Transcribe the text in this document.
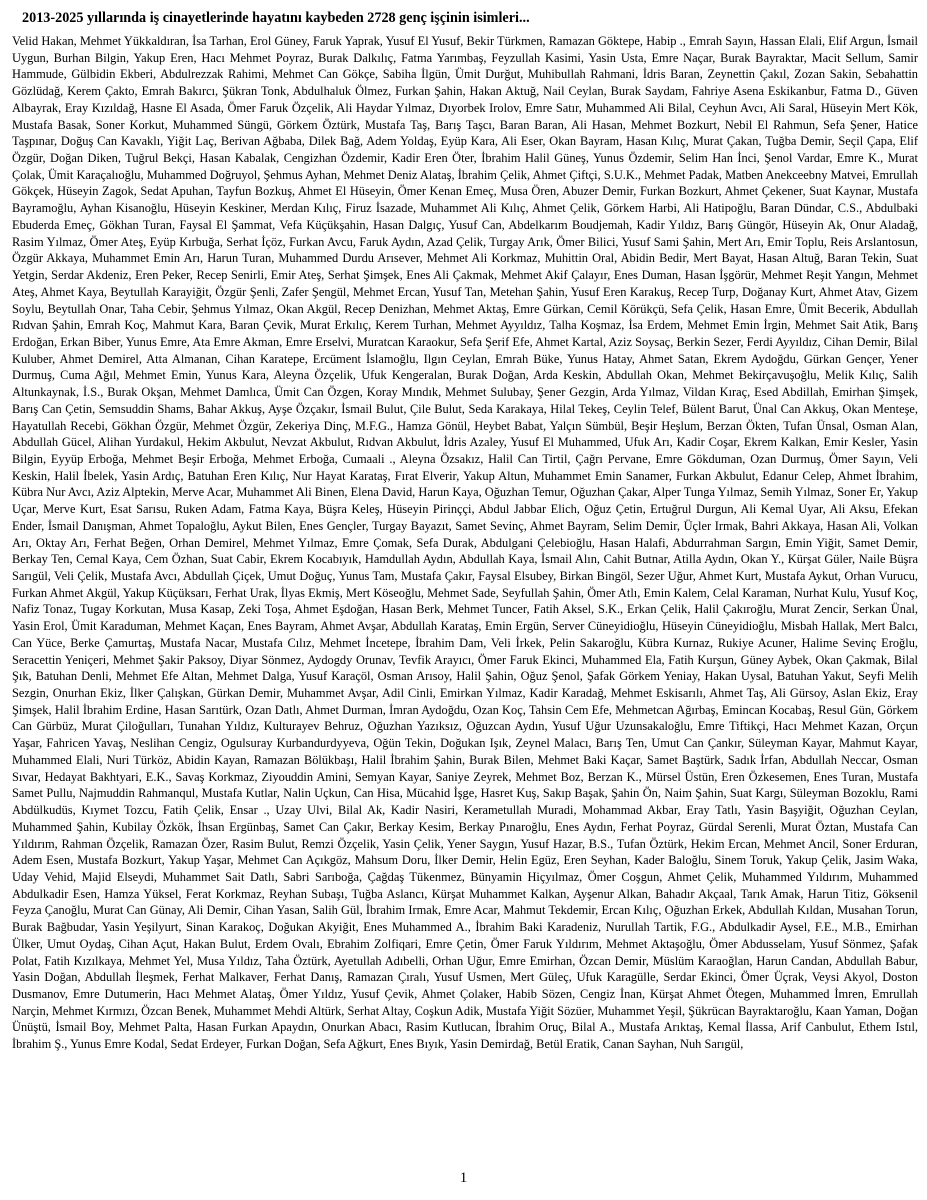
2013-2025 yıllarında iş cinayetlerinde hayatını kaybeden 2728 genç işçinin isimleri...
Velid Hakan, Mehmet Yükkaldıran, İsa Tarhan, Erol Güney, Faruk Yaprak, Yusuf El Yusuf, Bekir Türkmen, Ramazan Göktepe, Habip ., Emrah Sayın, Hassan Elali, Elif Argun, İsmail Uygun, Burhan Bilgin, Yakup Eren, Hacı Mehmet Poyraz, Burak Dalkılıç, Fatma Yarımbaş, Feyzullah Kasimi, Yasin Usta, Emre Naçar, Burak Bayraktar, Macit Sellum, Samir Hammude, Gülbidin Ekberi, Abdulrezzak Rahimi, Mehmet Can Gökçe, Sabiha İlgün, Ümit Durğut, Muhibullah Rahmani, İdris Baran, Zeynettin Çakıl, Zozan Sakin, Sebahattin Gözlüdağ, Kerem Çakto, Emrah Bakırcı, Şükran Tonk, Abdulhaluk Ölmez, Furkan Şahin, Hakan Aktuğ, Nail Ceylan, Burak Saydam, Fahriye Asena Eskikanbur, Fatma D., Güven Albayrak, Eray Kızıldağ, Hasne El Asada, Ömer Faruk Özçelik, Ali Haydar Yılmaz, Dıyorbek Irolov, Emre Satır, Muhammed Ali Bilal, Ceyhun Avcı, Ali Saral, Hüseyin Mert Kök, Mustafa Basak, Soner Korkut, Muhammed Süngü, Görkem Öztürk, Mustafa Taş, Barış Taşcı, Baran Baran, Ali Hasan, Mehmet Bozkurt, Nebil El Rahmun, Sefa Şener, Hatice Taşpınar, Doğuş Can Kavaklı, Yiğit Laç, Berivan Ağbaba, Dilek Bağ, Adem Yoldaş, Eyüp Kara, Ali Eser, Okan Bayram, Hasan Kılıç, Murat Çakan, Tuğba Demir, Seçil Çapa, Elif Özgür, Doğan Diken, Tuğrul Bekçi, Hasan Kabalak, Cengizhan Özdemir, Kadir Eren Öter, İbrahim Halil Güneş, Yunus Özdemir, Selim Han İnci, Şenol Vardar, Emre K., Murat Çolak, Ümit Karaçalıoğlu, Muhammed Doğruyol, Şehmus Ayhan, Mehmet Deniz Alataş, İbrahim Çelik, Ahmet Çiftçi, S.U.K., Mehmet Padak, Matben Anekceebny Matvei, Emrullah Gökçek, Hüseyin Zagok, Sedat Apuhan, Tayfun Bozkuş, Ahmet El Hüseyin, Ömer Kenan Emeç, Musa Ören, Abuzer Demir, Furkan Bozkurt, Ahmet Çekener, Suat Kaynar, Mustafa Bayramoğlu, Ayhan Kisanoğlu, Hüseyin Keskiner, Merdan Kılıç, Firuz İsazade, Muhammet Ali Kılıç, Ahmet Çelik, Görkem Harbi, Ali Hatipoğlu, Baran Dündar, C.S., Abdulbaki Ebuderda Emeç, Gökhan Turan, Faysal El Şammat, Vefa Küçükşahin, Hasan Dalgıç, Yusuf Can, Abdelkarım Boudjemah, Kadir Yıldız, Barış Güngör, Hüseyin Ak, Onur Aladağ, Rasim Yılmaz, Ömer Ateş, Eyüp Kırbuğa, Serhat İçöz, Furkan Avcu, Faruk Aydın, Azad Çelik, Turgay Arık, Ömer Bilici, Yusuf Sami Şahin, Mert Arı, Emir Toplu, Reis Arslantosun, Özgür Akkaya, Muhammet Emin Arı, Harun Turan, Muhammed Durdu Arısever, Mehmet Ali Korkmaz, Muhittin Oral, Abidin Bedir, Mert Bayat, Hasan Altuğ, Baran Tekin, Suat Yetgin, Serdar Akdeniz, Eren Peker, Recep Senirli, Emir Ateş, Serhat Şimşek, Enes Ali Çakmak, Mehmet Akif Çalayır, Enes Duman, Hasan İşgörür, Mehmet Reşit Yangın, Mehmet Ateş, Ahmet Kaya, Beytullah Karayiğit, Özgür Şenli, Zafer Şengül, Mehmet Ercan, Yusuf Tan, Metehan Şahin, Yusuf Eren Karakuş, Recep Turp, Doğanay Kurt, Ahmet Atav, Gizem Soylu, Beytullah Onar, Taha Cebir, Şehmus Yılmaz, Okan Akgül, Recep Denizhan, Mehmet Aktaş, Emre Gürkan, Cemil Körükçü, Sefa Çelik, Hasan Emre, Ümit Becerik, Abdullah Rıdvan Şahin, Emrah Koç, Mahmut Kara, Baran Çevik, Murat Erkılıç, Kerem Turhan, Mehmet Ayyıldız, Talha Koşmaz, İsa Erdem, Mehmet Emin İrgin, Mehmet Sait Atik, Barış Erdoğan, Erkan Biber, Yunus Emre, Ata Emre Akman, Emre Erselvi, Muratcan Karaokur, Sefa Şerif Efe, Ahmet Kartal, Aziz Soysaç, Berkin Sezer, Ferdi Ayyıldız, Cihan Demir, Bilal Kuluber, Ahmet Demirel, Atta Almanan, Cihan Karatepe, Ercüment İslamoğlu, Ilgın Ceylan, Emrah Büke, Yunus Hatay, Ahmet Satan, Ekrem Aydoğdu, Gürkan Gençer, Yener Durmuş, Cuma Ağıl, Mehmet Emin, Yunus Kara, Aleyna Özçelik, Ufuk Kengeralan, Burak Doğan, Arda Keskin, Abdullah Okan, Mehmet Bekirçavuşoğlu, Melik Kılıç, Salih Altunkaynak, İ.S., Burak Okşan, Mehmet Damlıca, Ümit Can Özgen, Koray Mındık, Mehmet Sulubay, Şener Gezgin, Arda Yılmaz, Vildan Kıraç, Esed Abdillah, Emirhan Şimşek, Barış Can Çetin, Semsuddin Shams, Bahar Akkuş, Ayşe Özçakır, İsmail Bulut, Çile Bulut, Seda Karakaya, Hilal Tekeş, Ceylin Telef, Bülent Barut, Ünal Can Akkuş, Okan Menteşe, Hayatullah Recebi, Gökhan Özgür, Mehmet Özgür, Zekeriya Dinç, M.F.G., Hamza Gönül, Heybet Babat, Yalçın Sümbül, Beşir Heşlum, Berzan Ökten, Tufan Ünsal, Osman Alan, Abdullah Gücel, Alihan Yurdakul, Hekim Akbulut, Nevzat Akbulut, Rıdvan Akbulut, İdris Azaley, Yusuf El Muhammed, Ufuk Arı, Kadir Coşar, Ekrem Kalkan, Emir Kesler, Yasin Bilgin, Eyyüp Erboğa, Mehmet Beşir Erboğa, Mehmet Erboğa, Cumaali ., Aleyna Özsakız, Halil Can Tirtil, Çağrı Pervane, Emre Gökduman, Ozan Durmuş, Ömer Sayın, Veli Keskin, Halil İbelek, Yasin Ardıç, Batuhan Eren Kılıç, Nur Hayat Karataş, Fırat Elverir, Yakup Altun, Muhammet Emin Sanamer, Furkan Akbulut, Edanur Celep, Ahmet İbrahim, Kübra Nur Avcı, Aziz Alptekin, Merve Acar, Muhammet Ali Binen, Elena David, Harun Kaya, Oğuzhan Temur, Oğuzhan Çakar, Alper Tunga Yılmaz, Semih Yılmaz, Soner Er, Yakup Uçar, Merve Kurt, Esat Sarısu, Ruken Adam, Fatma Kaya, Büşra Keleş, Hüseyin Pirinççi, Abdul Jabbar Elich, Oğuz Çetin, Ertuğrul Durgun, Ali Kemal Uyar, Ali Aksu, Efekan Ender, İsmail Danışman, Ahmet Topaloğlu, Aykut Bilen, Enes Gençler, Turgay Bayazıt, Samet Sevinç, Ahmet Bayram, Selim Demir, Üçler Irmak, Bahri Akkaya, Hasan Ali, Volkan Arı, Oktay Arı, Ferhat Beğen, Orhan Demirel, Mehmet Yılmaz, Emre Çomak, Sefa Durak, Abdulgani Çelebioğlu, Hasan Halafi, Abdurrahman Sargın, Emin Yiğit, Samet Demir, Berkay Ten, Cemal Kaya, Cem Özhan, Suat Cabir, Ekrem Kocabıyık, Hamdullah Aydın, Abdullah Kaya, İsmail Alın, Cahit Butnar, Atilla Aydın, Okan Y., Kürşat Güler, Naile Büşra Sarıgül, Veli Çelik, Mustafa Avcı, Abdullah Çiçek, Umut Doğuç, Yunus Tam, Mustafa Çakır, Faysal Elsubey, Birkan Bingöl, Sezer Uğur, Ahmet Kurt, Mustafa Aykut, Orhan Vurucu, Furkan Ahmet Akgül, Yakup Küçüksarı, Ferhat Urak, İlyas Ekmiş, Mert Köseoğlu, Mehmet Sade, Seyfullah Şahin, Ömer Atlı, Emin Kalem, Celal Karaman, Nurhat Kulu, Yusuf Koç, Nafiz Tonaz, Tugay Korkutan, Musa Kasap, Zeki Toşa, Ahmet Eşdoğan, Hasan Berk, Mehmet Tuncer, Fatih Aksel, S.K., Erkan Çelik, Halil Çakıroğlu, Murat Zencir, Serkan Ünal, Yasin Erol, Ümit Karaduman, Mehmet Kaçan, Enes Bayram, Ahmet Avşar, Abdullah Karataş, Emin Ergün, Server Cüneyidioğlu, Hüseyin Cüneyidioğlu, Misbah Hallak, Mert Balcı, Can Yüce, Berke Çamurtaş, Mustafa Nacar, Mustafa Cılız, Mehmet İncetepe, İbrahim Dam, Veli İrkek, Pelin Sakaroğlu, Kübra Kurnaz, Rukiye Acuner, Halime Sevinç Eroğlu, Seracettin Yeniçeri, Mehmet Şakir Paksoy, Diyar Sönmez, Aydogdy Orunav, Tevfik Arayıcı, Ömer Faruk Ekinci, Muhammed Ela, Fatih Kurşun, Güney Aybek, Okan Çakmak, Bilal Şık, Batuhan Denli, Mehmet Efe Altan, Mehmet Dalga, Yusuf Karaçöl, Osman Arısoy, Halil Şahin, Oğuz Şenol, Şafak Görkem Yeniay, Hakan Uysal, Batuhan Yakut, Seyfi Melih Sezgin, Onurhan Ekiz, İlker Çalışkan, Gürkan Demir, Muhammet Avşar, Adil Cinli, Emirkan Yılmaz, Kadir Karadağ, Mehmet Eskisarılı, Ahmet Taş, Ali Gürsoy, Aslan Ekiz, Eray Şimşek, Halil İbrahim Erdine, Hasan Sarıtürk, Ozan Datlı, Ahmet Durman, İmran Aydoğdu, Ozan Koç, Tahsin Cem Efe, Mehmetcan Ağırbaş, Emincan Kocabaş, Resul Gün, Görkem Can Gürbüz, Murat Çiloğulları, Tunahan Yıldız, Kulturayev Behruz, Oğuzhan Yazıksız, Oğuzcan Aydın, Yusuf Uğur Uzunsakaloğlu, Emre Tiftikçi, Hacı Mehmet Kazan, Orçun Yaşar, Fahricen Yavaş, Neslihan Cengiz, Ogulsuray Kurbandurdyyeva, Oğün Tekin, Doğukan Işık, Zeynel Malacı, Barış Ten, Umut Can Çankır, Süleyman Kayar, Mahmut Kayar, Muhammed Elali, Nuri Türköz, Abidin Kayan, Ramazan Bölükbaşı, Halil İbrahim Şahin, Burak Bilen, Mehmet Baki Kaçar, Samet Baştürk, Sadık İrfan, Abdullah Neccar, Osman Sıvar, Hedayat Bakhtyari, E.K., Savaş Korkmaz, Ziyouddin Amini, Semyan Kayar, Saniye Zeyrek, Mehmet Boz, Berzan K., Mürsel Üstün, Eren Özkesemen, Enes Turan, Mustafa Samet Pullu, Najmuddin Rahmanqul, Mustafa Kutlar, Nalin Uçkun, Can Hisa, Mücahid İşge, Hasret Kuş, Sakıp Başak, Şahin Ön, Naim Şahin, Suat Kargı, Süleyman Bozoklu, Rami Abdülkudüs, Kıymet Tozcu, Fatih Çelik, Ensar ., Uzay Ulvi, Bilal Ak, Kadir Nasiri, Kerametullah Muradi, Mohammad Akbar, Eray Tatlı, Yasin Başyiğit, Oğuzhan Ceylan, Muhammed Şahin, Kubilay Özkök, İhsan Ergünbaş, Samet Can Çakır, Berkay Kesim, Berkay Pınaroğlu, Enes Aydın, Ferhat Poyraz, Gürdal Serenli, Murat Öztan, Mustafa Can Yıldırım, Rahman Özçelik, Ramazan Özer, Rasim Bulut, Remzi Özçelik, Yasin Çelik, Yener Saygın, Yusuf Hazar, B.S., Tufan Öztürk, Hekim Ercan, Mehmet Ancil, Soner Erduran, Adem Esen, Mustafa Bozkurt, Yakup Yaşar, Mehmet Can Açıkgöz, Mahsum Doru, İlker Demir, Helin Egüz, Eren Seyhan, Kader Baloğlu, Sinem Toruk, Yakup Çelik, Jasim Waka, Uday Vehid, Majid Elseydi, Muhammet Sait Datlı, Sabri Sarıboğa, Çağdaş Tükenmez, Bünyamin Hiçyılmaz, Ömer Coşgun, Ahmet Çelik, Muhammed Yıldırım, Muhammed Abdulkadir Esen, Hamza Yüksel, Ferat Korkmaz, Reyhan Subaşı, Tuğba Aslancı, Kürşat Muhammet Kalkan, Ayşenur Alkan, Bahadır Akçaal, Tarık Amak, Harun Titiz, Göksenil Feyza Çanoğlu, Murat Can Günay, Ali Demir, Cihan Yasan, Salih Gül, İbrahim Irmak, Emre Acar, Mahmut Tekdemir, Ercan Kılıç, Oğuzhan Erkek, Abdullah Kıldan, Musahan Torun, Burak Bağbudar, Yasin Yeşilyurt, Sinan Karakoç, Doğukan Akyiğit, Enes Muhammed A., İbrahim Baki Karadeniz, Nurullah Tartik, F.G., Abdulkadir Aysel, F.E., M.B., Emirhan Ülker, Umut Oydaş, Cihan Açut, Hakan Bulut, Erdem Ovalı, Ebrahim Zolfiqari, Emre Çetin, Ömer Faruk Yıldırım, Mehmet Aktaşoğlu, Ömer Abdusselam, Yusuf Sönmez, Şafak Polat, Fatih Kızılkaya, Mehmet Yel, Musa Yıldız, Taha Öztürk, Ayetullah Adıbelli, Orhan Uğur, Emre Emirhan, Özcan Demir, Müslüm Karaoğlan, Harun Candan, Abdullah Babur, Yasin Doğan, Abdullah İleşmek, Ferhat Malkaver, Ferhat Danış, Ramazan Çıralı, Yusuf Usmen, Mert Güleç, Ufuk Karagülle, Serdar Ekinci, Ömer Üçrak, Veysi Akyol, Doston Dusmanov, Emre Dutumerin, Hacı Mehmet Alataş, Ömer Yıldız, Yusuf Çevik, Ahmet Çolaker, Habib Sözen, Cengiz İnan, Kürşat Ahmet Ötegen, Muhammed İmren, Emrullah Narçin, Mehmet Kırmızı, Özcan Benek, Muhammet Mehdi Altürk, Serhat Altay, Coşkun Adik, Mustafa Yiğit Sözüer, Muhammet Yeşil, Şükrücan Bayraktaroğlu, Kaan Yaman, Doğan Ünüştü, İsmail Boy, Mehmet Palta, Hasan Furkan Apaydın, Onurkan Abacı, Rasim Kutlucan, İbrahim Oruç, Bilal A., Mustafa Arıktaş, Kemal İlassa, Arif Canbulut, Ethem Istıl, İbrahim Ş., Yunus Emre Kodal, Sedat Erdeyer, Furkan Doğan, Sefa Ağkurt, Enes Bıyık, Yasin Demirdağ, Betül Eratik, Canan Sayhan, Nuh Sarıgül,
1
